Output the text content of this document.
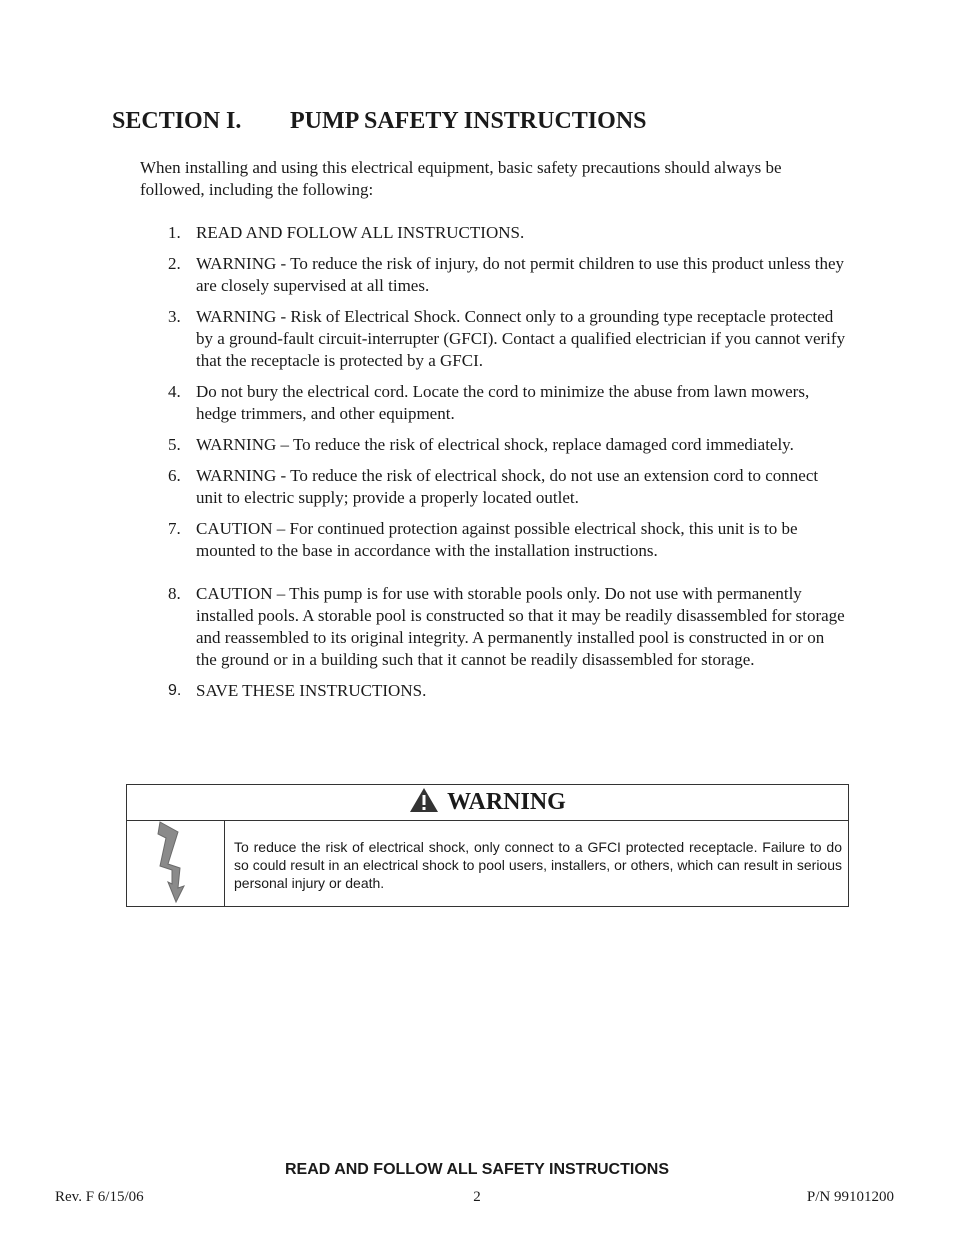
SECTION I. PUMP SAFETY INSTRUCTIONS
When installing and using this electrical equipment, basic safety precautions should always be followed, including the following:
1. READ AND FOLLOW ALL INSTRUCTIONS.
2. WARNING - To reduce the risk of injury, do not permit children to use this product unless they are closely supervised at all times.
3. WARNING - Risk of Electrical Shock. Connect only to a grounding type receptacle protected by a ground-fault circuit-interrupter (GFCI). Contact a qualified electrician if you cannot verify that the receptacle is protected by a GFCI.
4. Do not bury the electrical cord. Locate the cord to minimize the abuse from lawn mowers, hedge trimmers, and other equipment.
5. WARNING – To reduce the risk of electrical shock, replace damaged cord immediately.
6. WARNING - To reduce the risk of electrical shock, do not use an extension cord to connect unit to electric supply; provide a properly located outlet.
7. CAUTION – For continued protection against possible electrical shock, this unit is to be mounted to the base in accordance with the installation instructions.
8. CAUTION – This pump is for use with storable pools only. Do not use with permanently installed pools. A storable pool is constructed so that it may be readily disassembled for storage and reassembled to its original integrity. A permanently installed pool is constructed in or on the ground or in a building such that it cannot be readily disassembled for storage.
9. SAVE THESE INSTRUCTIONS.
WARNING
To reduce the risk of electrical shock, only connect to a GFCI protected receptacle. Failure to do so could result in an electrical shock to pool users, installers, or others, which can result in serious personal injury or death.
READ AND FOLLOW ALL SAFETY INSTRUCTIONS
Rev. F 6/15/06	2	P/N 99101200
